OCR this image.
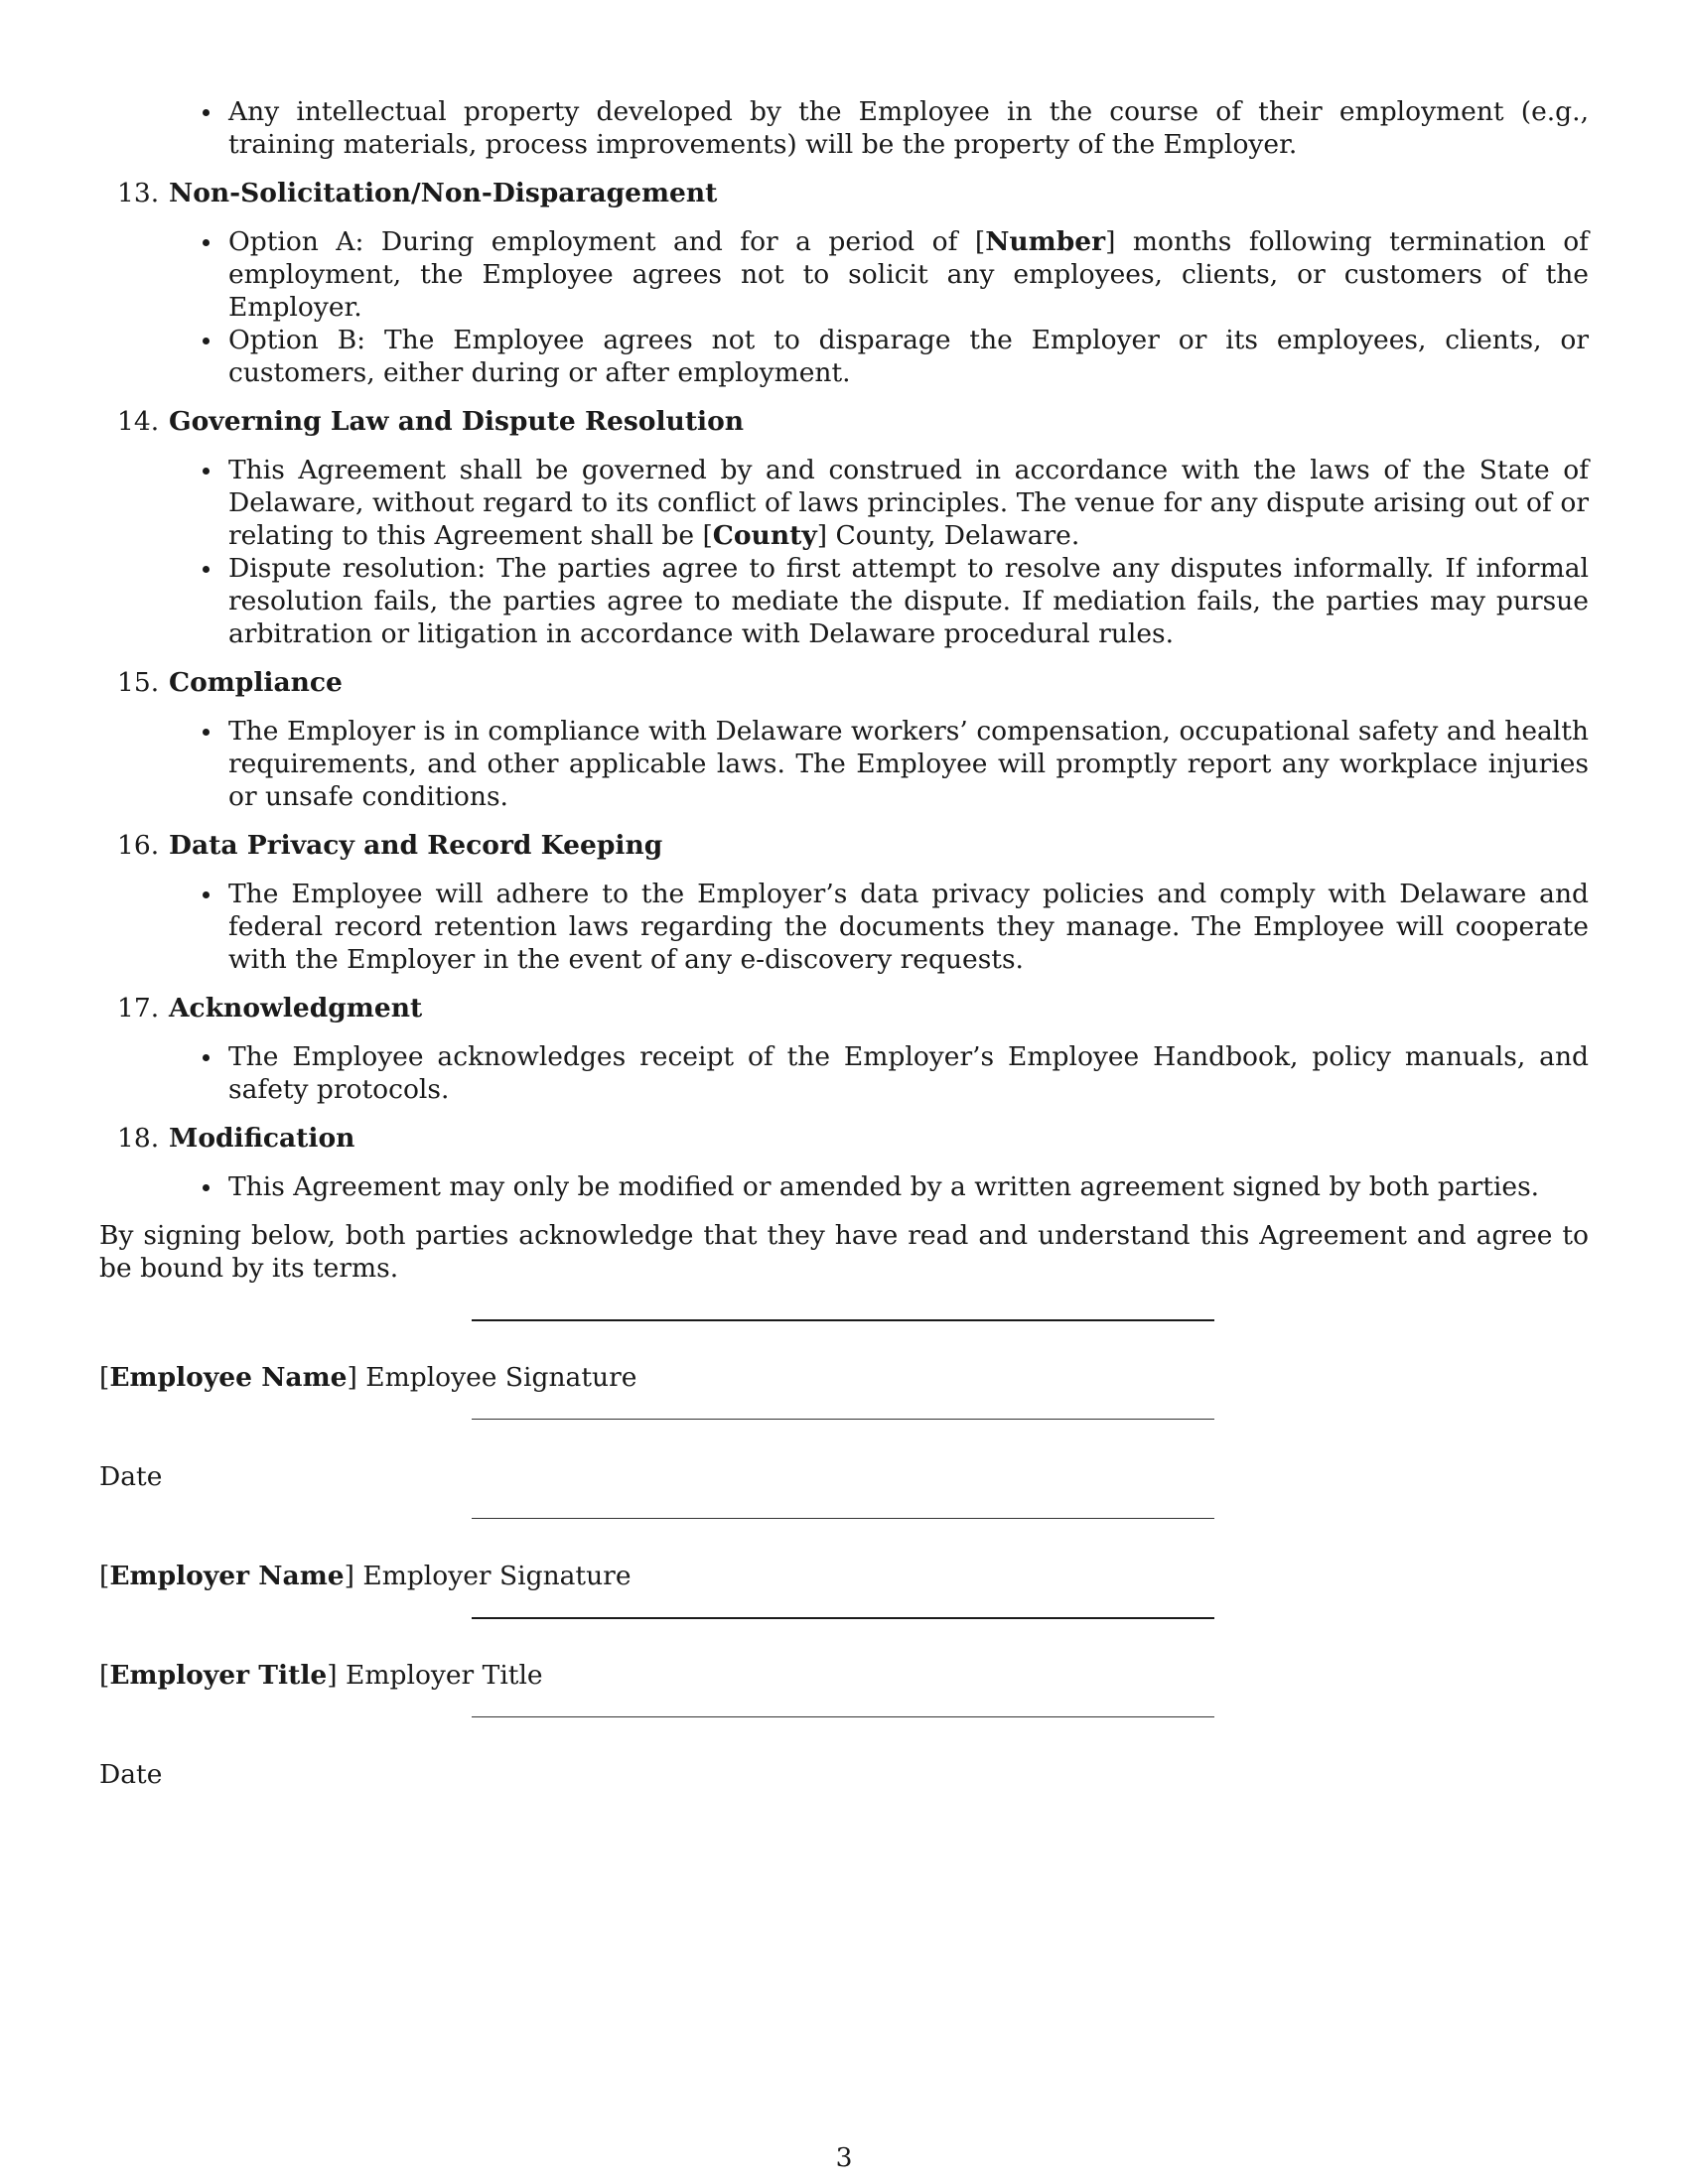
Any intellectual property developed by the Employee in the course of their employment (e.g., training materials, process improvements) will be the property of the Employer.
13. Non-Solicitation/Non-Disparagement
Option A: During employment and for a period of [Number] months following termination of employment, the Employee agrees not to solicit any employees, clients, or customers of the Employer.
Option B: The Employee agrees not to disparage the Employer or its employees, clients, or customers, either during or after employment.
14. Governing Law and Dispute Resolution
This Agreement shall be governed by and construed in accordance with the laws of the State of Delaware, without regard to its conflict of laws principles. The venue for any dispute arising out of or relating to this Agreement shall be [County] County, Delaware.
Dispute resolution: The parties agree to first attempt to resolve any disputes informally. If informal resolution fails, the parties agree to mediate the dispute. If mediation fails, the parties may pursue arbitration or litigation in accordance with Delaware procedural rules.
15. Compliance
The Employer is in compliance with Delaware workers’ compensation, occupational safety and health requirements, and other applicable laws. The Employee will promptly report any workplace injuries or unsafe conditions.
16. Data Privacy and Record Keeping
The Employee will adhere to the Employer’s data privacy policies and comply with Delaware and federal record retention laws regarding the documents they manage. The Employee will cooperate with the Employer in the event of any e-discovery requests.
17. Acknowledgment
The Employee acknowledges receipt of the Employer’s Employee Handbook, policy manuals, and safety protocols.
18. Modification
This Agreement may only be modified or amended by a written agreement signed by both parties.

By signing below, both parties acknowledge that they have read and understand this Agreement and agree to be bound by its terms.

[Employee Name] Employee Signature
Date
[Employer Name] Employer Signature
[Employer Title] Employer Title
Date
3
